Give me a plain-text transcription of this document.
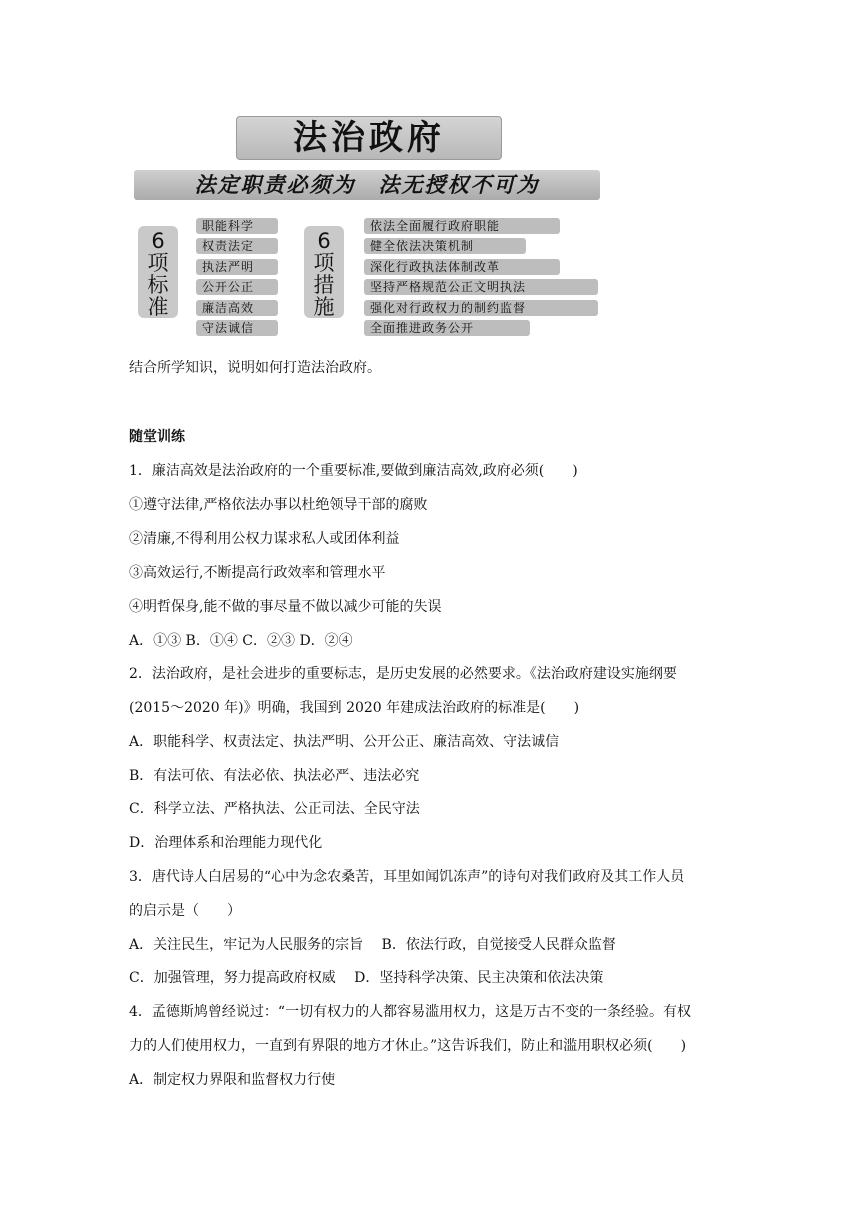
法治政府
法定职责必须为　法无授权不可为
6
项
标
准
职能科学
权责法定
执法严明
公开公正
廉洁高效
守法诚信
6
项
措
施
依法全面履行政府职能
健全依法决策机制
深化行政执法体制改革
坚持严格规范公正文明执法
强化对行政权力的制约监督
全面推进政务公开
结合所学知识，说明如何打造法治政府。
随堂训练
1．廉洁高效是法治政府的一个重要标准,要做到廉洁高效,政府必须(　　)
①遵守法律,严格依法办事以杜绝领导干部的腐败
②清廉,不得利用公权力谋求私人或团体利益
③高效运行,不断提高行政效率和管理水平
④明哲保身,能不做的事尽量不做以减少可能的失误
A．①③ B．①④ C．②③ D．②④
2．法治政府，是社会进步的重要标志，是历史发展的必然要求。《法治政府建设实施纲要
(2015～2020 年)》明确，我国到 2020 年建成法治政府的标准是(　　)
A．职能科学、权责法定、执法严明、公开公正、廉洁高效、守法诚信
B．有法可依、有法必依、执法必严、违法必究
C．科学立法、严格执法、公正司法、全民守法
D．治理体系和治理能力现代化
3．唐代诗人白居易的“心中为念农桑苦，耳里如闻饥冻声”的诗句对我们政府及其工作人员
的启示是（　　）
A．关注民生，牢记为人民服务的宗旨　 B．依法行政，自觉接受人民群众监督
C．加强管理，努力提高政府权威　 D．坚持科学决策、民主决策和依法决策
4．孟德斯鸠曾经说过：“一切有权力的人都容易滥用权力，这是万古不变的一条经验。有权
力的人们使用权力，一直到有界限的地方才休止。”这告诉我们，防止和滥用职权必须(　　)
A．制定权力界限和监督权力行使
